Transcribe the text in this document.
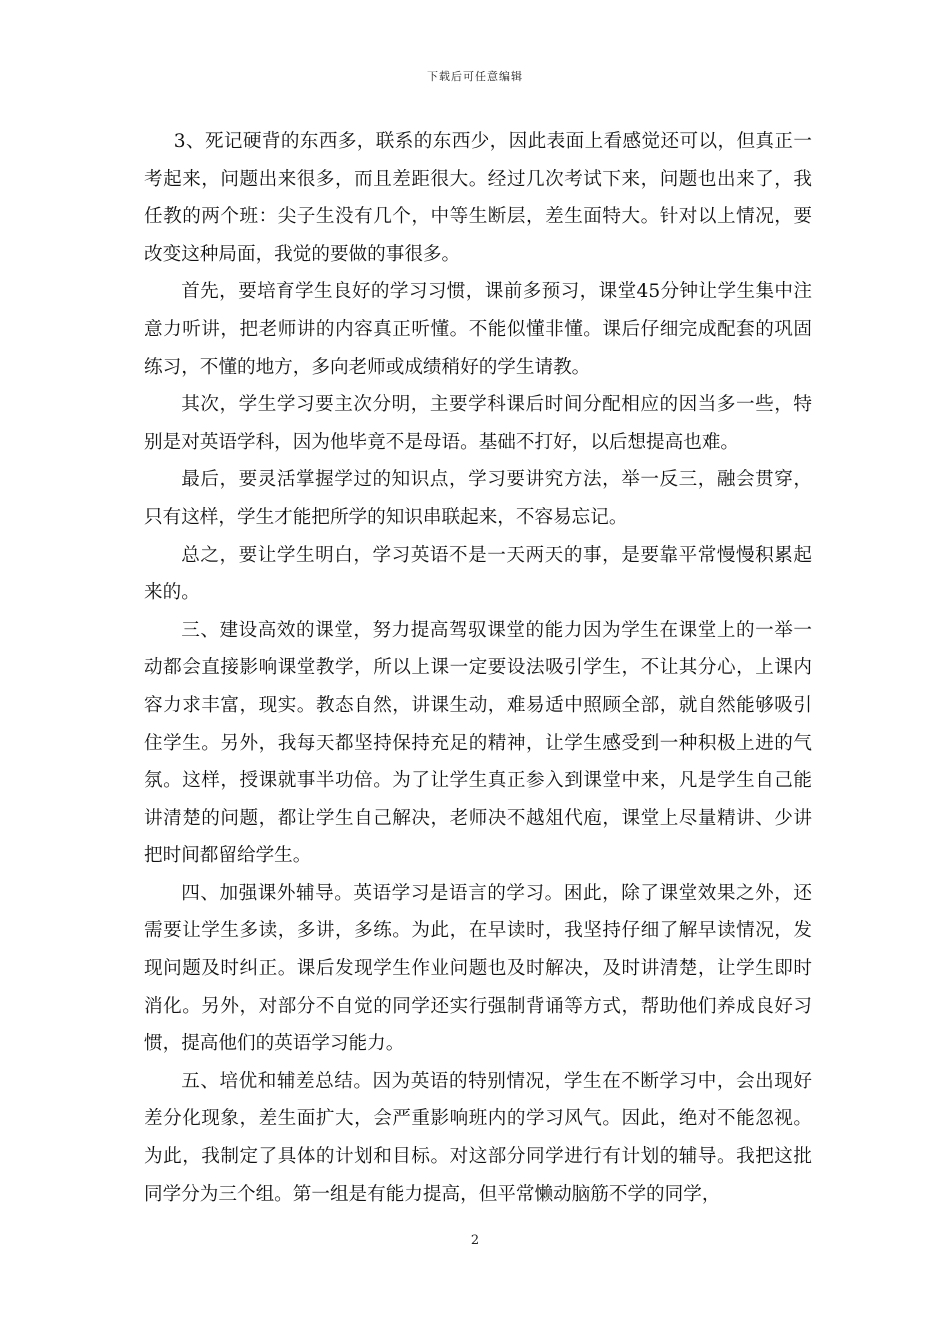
下载后可任意编辑

3、死记硬背的东西多，联系的东西少，因此表面上看感觉还可以，但真正一考起来，问题出来很多，而且差距很大。经过几次考试下来，问题也出来了，我任教的两个班：尖子生没有几个，中等生断层，差生面特大。针对以上情况，要改变这种局面，我觉的要做的事很多。

首先，要培育学生良好的学习习惯，课前多预习，课堂45分钟让学生集中注意力听讲，把老师讲的内容真正听懂。不能似懂非懂。课后仔细完成配套的巩固练习，不懂的地方，多向老师或成绩稍好的学生请教。

其次，学生学习要主次分明，主要学科课后时间分配相应的因当多一些，特别是对英语学科，因为他毕竟不是母语。基础不打好，以后想提高也难。

最后，要灵活掌握学过的知识点，学习要讲究方法，举一反三，融会贯穿，只有这样，学生才能把所学的知识串联起来，不容易忘记。

总之，要让学生明白，学习英语不是一天两天的事，是要靠平常慢慢积累起来的。

三、建设高效的课堂，努力提高驾驭课堂的能力因为学生在课堂上的一举一动都会直接影响课堂教学，所以上课一定要设法吸引学生，不让其分心，上课内容力求丰富，现实。教态自然，讲课生动，难易适中照顾全部，就自然能够吸引住学生。另外，我每天都坚持保持充足的精神，让学生感受到一种积极上进的气氛。这样，授课就事半功倍。为了让学生真正参入到课堂中来，凡是学生自己能讲清楚的问题，都让学生自己解决，老师决不越俎代庖，课堂上尽量精讲、少讲把时间都留给学生。

四、加强课外辅导。英语学习是语言的学习。困此，除了课堂效果之外，还需要让学生多读，多讲，多练。为此，在早读时，我坚持仔细了解早读情况，发现问题及时纠正。课后发现学生作业问题也及时解决，及时讲清楚，让学生即时消化。另外，对部分不自觉的同学还实行强制背诵等方式，帮助他们养成良好习惯，提高他们的英语学习能力。

五、培优和辅差总结。因为英语的特别情况，学生在不断学习中，会出现好差分化现象，差生面扩大，会严重影响班内的学习风气。因此，绝对不能忽视。为此，我制定了具体的计划和目标。对这部分同学进行有计划的辅导。我把这批同学分为三个组。第一组是有能力提高，但平常懒动脑筋不学的同学，

2
